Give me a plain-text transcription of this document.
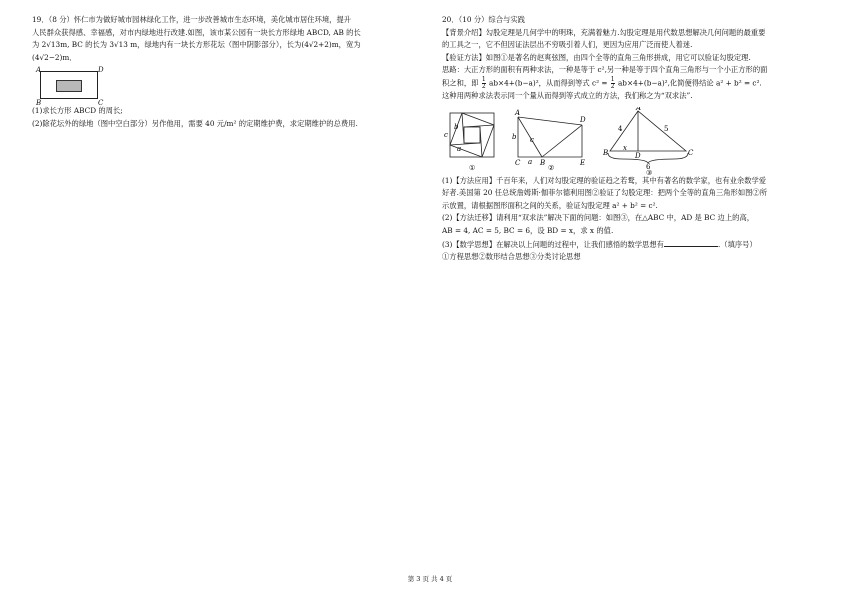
19．（8 分）怀仁市为做好城市园林绿化工作，进一步改善城市生态环境，美化城市居住环境，提升

人民群众获得感、幸福感，对市内绿地进行改建.如图，该市某公园有一块长方形绿地 ABCD, AB 的长

为 2√13m, BC 的长为 3√13 m，绿地内有一块长方形花坛（图中阴影部分），长为(4√2+2)m，宽为

(4√2−2)m．

A	D
B	C

(1)求长方形 ABCD 的周长;

(2)除花坛外的绿地（图中空白部分）另作他用，需要 40 元/m² 的定期维护费，求定期维护的总费用.

20．（10 分）综合与实践

【背景介绍】勾股定理是几何学中的明珠，充满着魅力.勾股定理是用代数思想解决几何问题的最重要

的工具之一，它不但因证法层出不穷吸引着人们，更因为应用广泛而使人着迷.

【验证方法】如图①是著名的赵爽弦图，由四个全等的直角三角形拼成，用它可以验证勾股定理.

思路：大正方形的面积有两种求法，一种是等于 c²,另一种是等于四个直角三角形与一个小正方形的面

积之和，即 $\frac{1}{2} ab\times 4+(b-a)^2$，从而得到等式 $c^2 = \frac{1}{2} ab\times 4+(b-a)^2$,化简便得结论 a² + b² = c².

这种用两种求法表示同一个量从而得到等式成立的方法，我们称之为“双求法”.

c
b
a
①
A
D
C	B	E
b c
a
②
A
B	C
D
4	5
x
6
③

(1)【方法应用】千百年来，人们对勾股定理的验证趋之若鹜，其中有著名的数学家，也有业余数学爱

好者.美国第 20 任总统詹姆斯·伽菲尔德利用图②验证了勾股定理：把两个全等的直角三角形如图②所

示放置，请根据图形面积之间的关系，验证勾股定理 a² + b² = c².

(2)【方法迁移】请利用“双求法”解决下面的问题：如图③，在△ABC 中，AD 是 BC 边上的高，

AB = 4, AC = 5, BC = 6，设 BD = x，求 x 的值.

(3)【数学思想】在解决以上问题的过程中，让我们感悟的数学思想有	.（填序号）

①方程思想②数形结合思想③分类讨论思想

第 3 页 共 4 页
